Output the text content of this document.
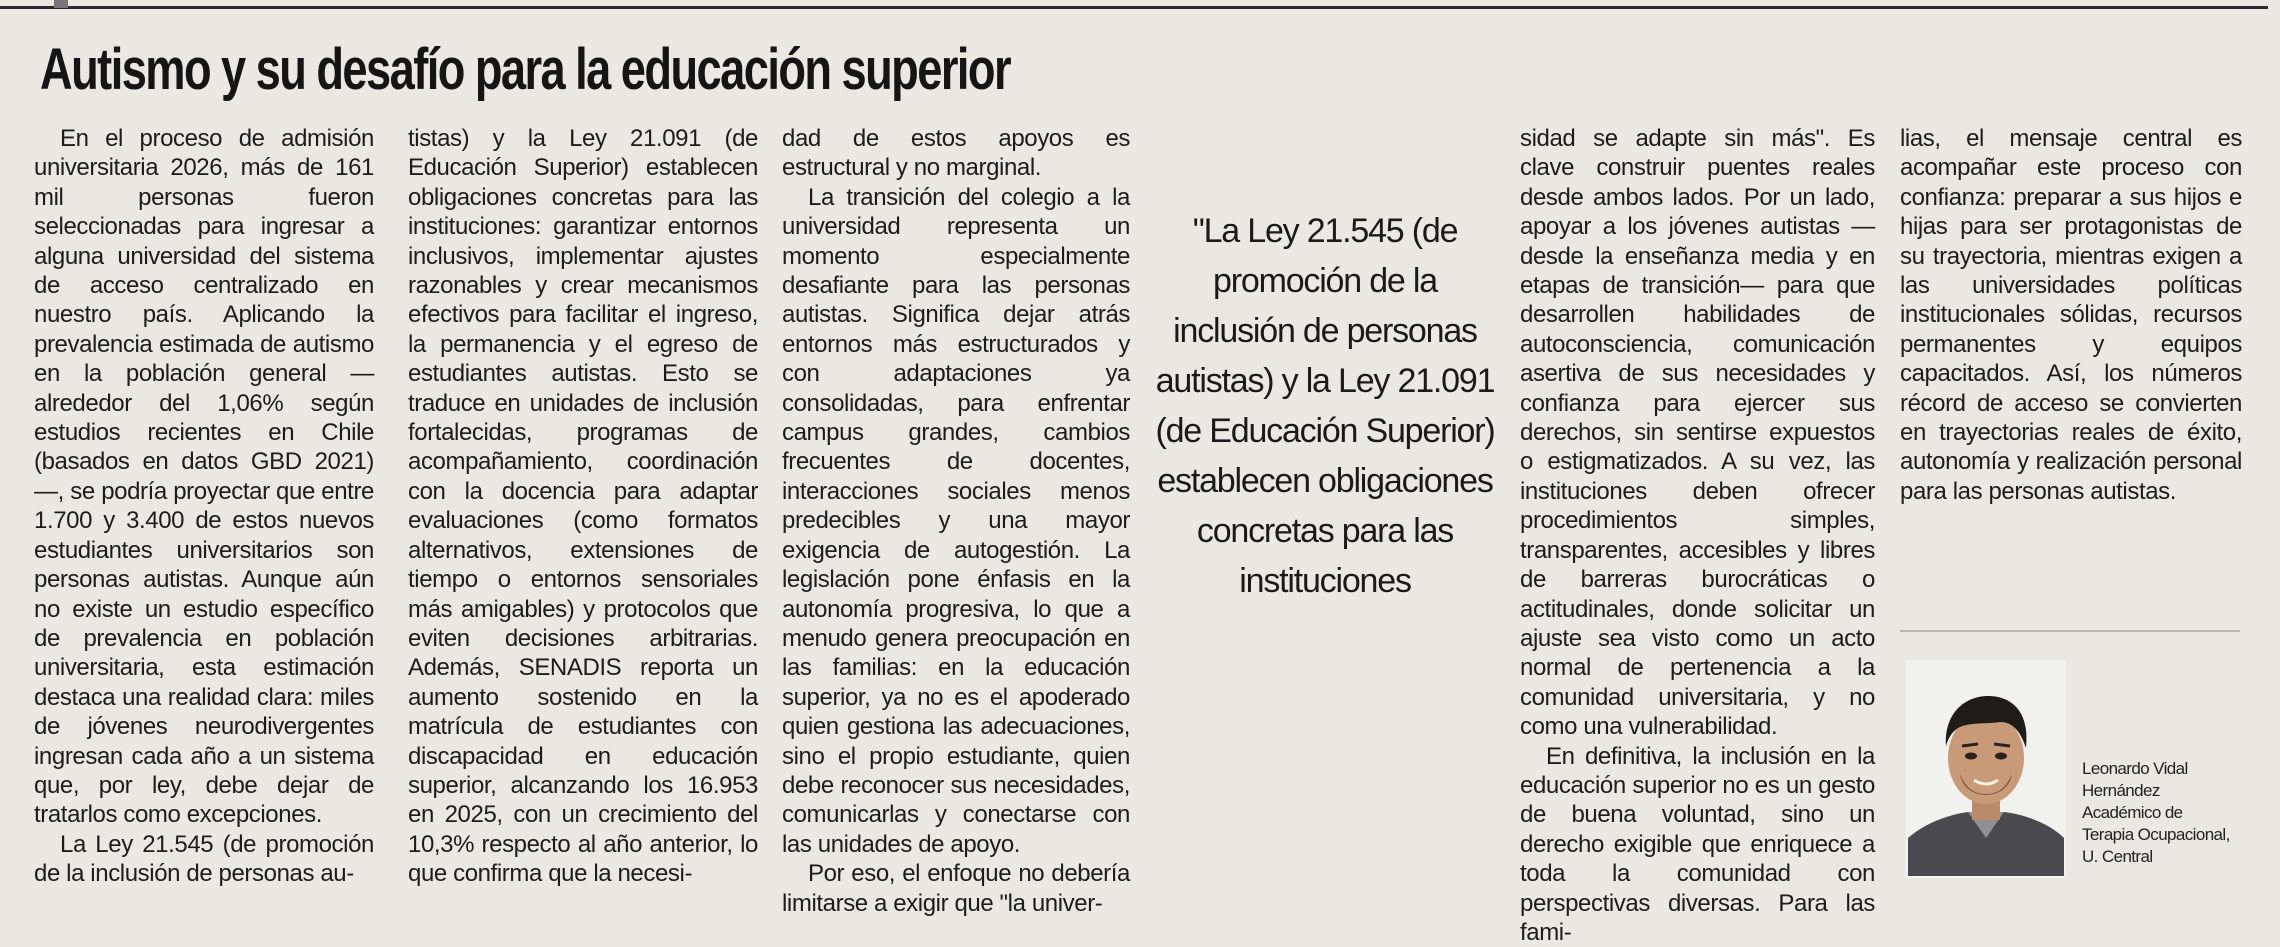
Autismo y su desafío para la educación superior

En el proceso de admisión universitaria 2026, más de 161 mil personas fueron seleccionadas para ingresar a alguna universidad del sistema de acceso centralizado en nuestro país. Aplicando la prevalencia estimada de autismo en la población general —alrededor del 1,06% según estudios recientes en Chile (basados en datos GBD 2021)—, se podría proyectar que entre 1.700 y 3.400 de estos nuevos estudiantes universitarios son personas autistas. Aunque aún no existe un estudio específico de prevalencia en población universitaria, esta estimación destaca una realidad clara: miles de jóvenes neurodivergentes ingresan cada año a un sistema que, por ley, debe dejar de tratarlos como excepciones.

La Ley 21.545 (de promoción de la inclusión de personas au-

tistas) y la Ley 21.091 (de Educación Superior) establecen obligaciones concretas para las instituciones: garantizar entornos inclusivos, implementar ajustes razonables y crear mecanismos efectivos para facilitar el ingreso, la permanencia y el egreso de estudiantes autistas. Esto se traduce en unidades de inclusión fortalecidas, programas de acompañamiento, coordinación con la docencia para adaptar evaluaciones (como formatos alternativos, extensiones de tiempo o entornos sensoriales más amigables) y protocolos que eviten decisiones arbitrarias. Además, SENADIS reporta un aumento sostenido en la matrícula de estudiantes con discapacidad en educación superior, alcanzando los 16.953 en 2025, con un crecimiento del 10,3% respecto al año anterior, lo que confirma que la necesi-

dad de estos apoyos es estructural y no marginal.

La transición del colegio a la universidad representa un momento especialmente desafiante para las personas autistas. Significa dejar atrás entornos más estructurados y con adaptaciones ya consolidadas, para enfrentar campus grandes, cambios frecuentes de docentes, interacciones sociales menos predecibles y una mayor exigencia de autogestión. La legislación pone énfasis en la autonomía progresiva, lo que a menudo genera preocupación en las familias: en la educación superior, ya no es el apoderado quien gestiona las adecuaciones, sino el propio estudiante, quien debe reconocer sus necesidades, comunicarlas y conectarse con las unidades de apoyo.

Por eso, el enfoque no debería limitarse a exigir que "la univer-

"La Ley 21.545 (de promoción de la inclusión de personas autistas) y la Ley 21.091 (de Educación Superior) establecen obligaciones concretas para las instituciones

sidad se adapte sin más". Es clave construir puentes reales desde ambos lados. Por un lado, apoyar a los jóvenes autistas —desde la enseñanza media y en etapas de transición— para que desarrollen habilidades de autoconsciencia, comunicación asertiva de sus necesidades y confianza para ejercer sus derechos, sin sentirse expuestos o estigmatizados. A su vez, las instituciones deben ofrecer procedimientos simples, transparentes, accesibles y libres de barreras burocráticas o actitudinales, donde solicitar un ajuste sea visto como un acto normal de pertenencia a la comunidad universitaria, y no como una vulnerabilidad.

En definitiva, la inclusión en la educación superior no es un gesto de buena voluntad, sino un derecho exigible que enriquece a toda la comunidad con perspectivas diversas. Para las fami-

lias, el mensaje central es acompañar este proceso con confianza: preparar a sus hijos e hijas para ser protagonistas de su trayectoria, mientras exigen a las universidades políticas institucionales sólidas, recursos permanentes y equipos capacitados. Así, los números récord de acceso se convierten en trayectorias reales de éxito, autonomía y realización personal para las personas autistas.

Leonardo Vidal
Hernández
Académico de
Terapia Ocupacional,
U. Central
